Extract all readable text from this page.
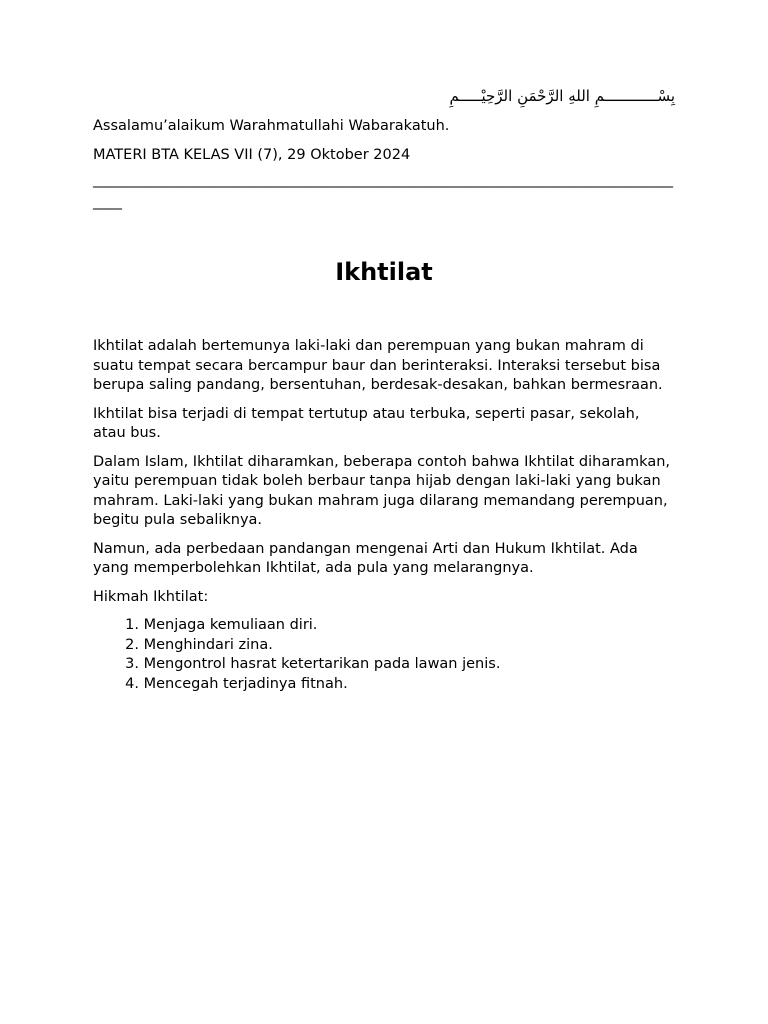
بِسْــــــــــــمِ اللهِ الرَّحْمَنِ الرَّحِيْـــــمِ

Assalamu’alaikum Warahmatullahi Wabarakatuh.

MATERI BTA KELAS VII (7), 29 Oktober 2024

____________________________________________________________________________________
Ikhtilat

Ikhtilat adalah bertemunya laki-laki dan perempuan yang bukan mahram di suatu tempat secara bercampur baur dan berinteraksi. Interaksi tersebut bisa berupa saling pandang, bersentuhan, berdesak-desakan, bahkan bermesraan.

Ikhtilat bisa terjadi di tempat tertutup atau terbuka, seperti pasar, sekolah, atau bus.

Dalam Islam, Ikhtilat diharamkan, beberapa contoh bahwa Ikhtilat diharamkan, yaitu perempuan tidak boleh berbaur tanpa hijab dengan laki-laki yang bukan mahram. Laki-laki yang bukan mahram juga dilarang memandang perempuan, begitu pula sebaliknya.

Namun, ada perbedaan pandangan mengenai Arti dan Hukum Ikhtilat. Ada yang memperbolehkan Ikhtilat, ada pula yang melarangnya.

Hikmah Ikhtilat:

1.
Menjaga kemuliaan diri.
2.
Menghindari zina.
3.
Mengontrol hasrat ketertarikan pada lawan jenis.
4.
Mencegah terjadinya fitnah.
